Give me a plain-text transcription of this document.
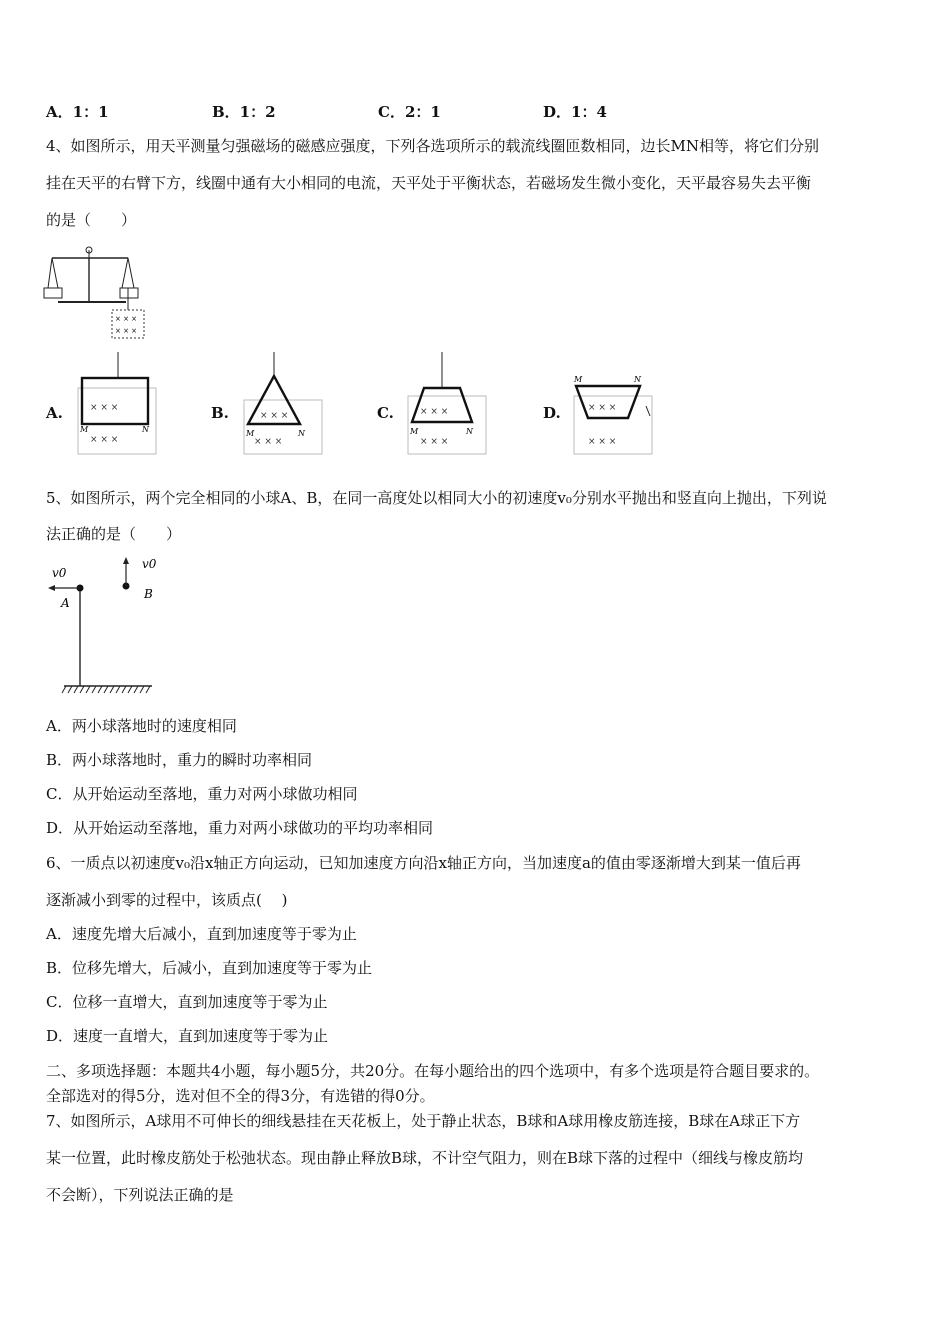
A．1：1	B．1：2	C．2：1	D．1：4
4、如图所示，用天平测量匀强磁场的磁感应强度，下列各选项所示的载流线圈匝数相同，边长MN相等，将它们分别
挂在天平的右臂下方，线圈中通有大小相同的电流，天平处于平衡状态，若磁场发生微小变化，天平最容易失去平衡
的是（　　）
× × ×
× × ×
A.	× × ×
× × ×
M	N
B.	× × ×
× × ×
M	N
C.	× × ×
× × ×
M	N
D.	× × ×
× × ×
M	N
5、如图所示，两个完全相同的小球A、B，在同一高度处以相同大小的初速度v₀分别水平抛出和竖直向上抛出，下列说
法正确的是（　　）
v0
A
v0
B
A．两小球落地时的速度相同
B．两小球落地时，重力的瞬时功率相同
C．从开始运动至落地，重力对两小球做功相同
D．从开始运动至落地，重力对两小球做功的平均功率相同
6、一质点以初速度v₀沿x轴正方向运动，已知加速度方向沿x轴正方向，当加速度a的值由零逐渐增大到某一值后再
逐渐减小到零的过程中，该质点(　 )
A．速度先增大后减小，直到加速度等于零为止
B．位移先增大，后减小，直到加速度等于零为止
C．位移一直增大，直到加速度等于零为止
D．速度一直增大，直到加速度等于零为止
二、多项选择题：本题共4小题，每小题5分，共20分。在每小题给出的四个选项中，有多个选项是符合题目要求的。
全部选对的得5分，选对但不全的得3分，有选错的得0分。
7、如图所示，A球用不可伸长的细线悬挂在天花板上，处于静止状态，B球和A球用橡皮筋连接，B球在A球正下方
某一位置，此时橡皮筋处于松弛状态。现由静止释放B球，不计空气阻力，则在B球下落的过程中（细线与橡皮筋均
不会断），下列说法正确的是
